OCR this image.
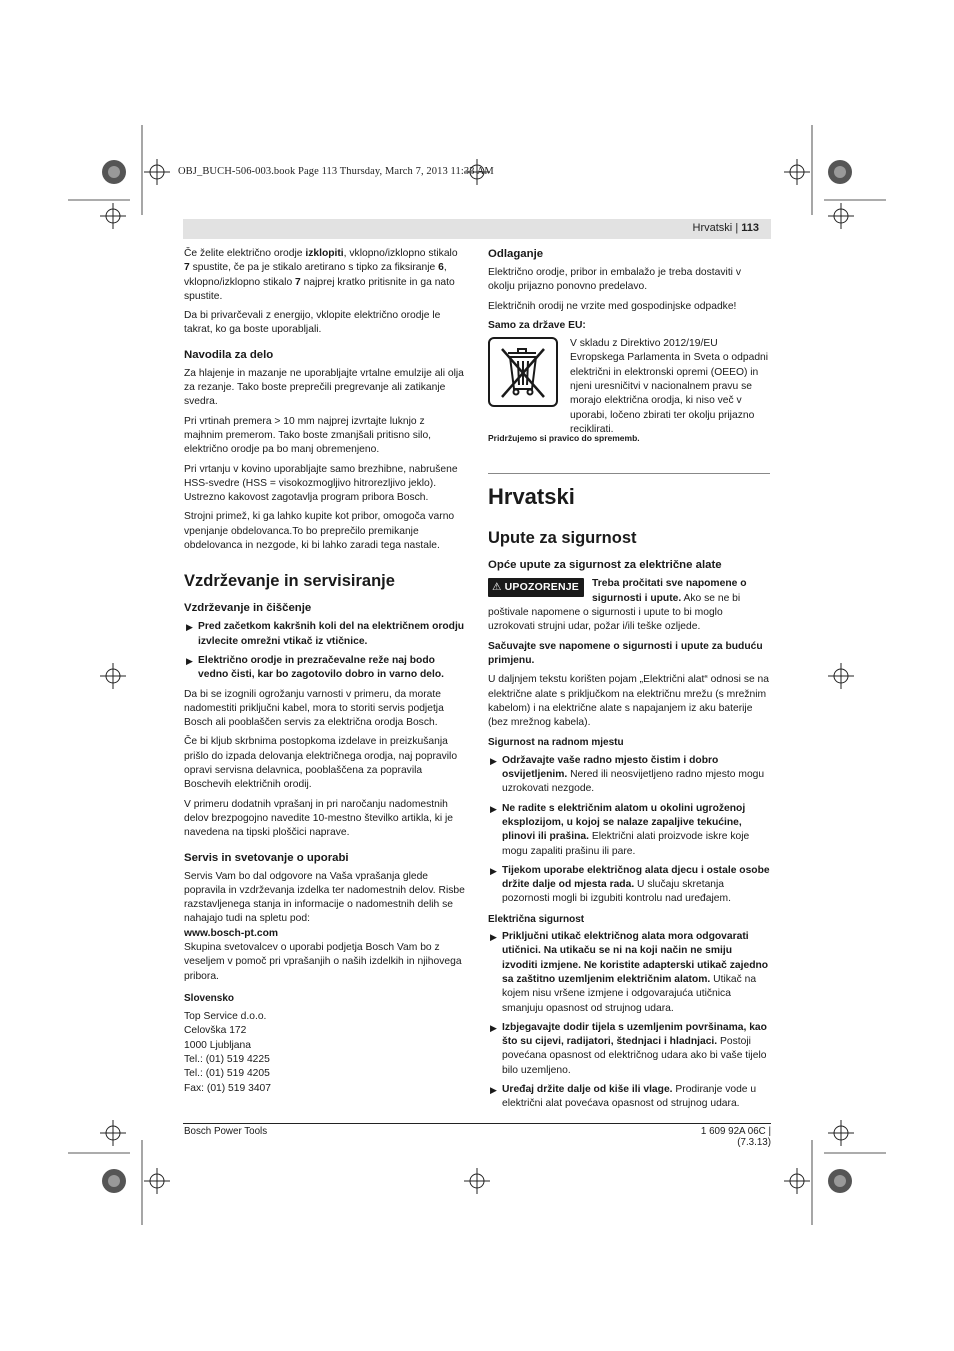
OBJ_BUCH-506-003.book Page 113 Thursday, March 7, 2013 11:33 AM
Hrvatski | 113

Če želite električno orodje izklopiti, vklopno/izklopno stikalo 7 spustite, če pa je stikalo aretirano s tipko za fiksiranje 6, vklopno/izklopno stikalo 7 najprej kratko pritisnite in ga nato spustite.

Da bi privarčevali z energijo, vklopite električno orodje le takrat, ko ga boste uporabljali.

Navodila za delo

Za hlajenje in mazanje ne uporabljajte vrtalne emulzije ali olja za rezanje. Tako boste preprečili pregrevanje ali zatikanje svedra.

Pri vrtinah premera > 10 mm najprej izvrtajte luknjo z majhnim premerom. Tako boste zmanjšali pritisno silo, električno orodje pa bo manj obremenjeno.

Pri vrtanju v kovino uporabljajte samo brezhibne, nabrušene HSS-svedre (HSS = visokozmogljivo hitrorezljivo jeklo). Ustrezno kakovost zagotavlja program pribora Bosch.

Strojni primež, ki ga lahko kupite kot pribor, omogoča varno vpenjanje obdelovanca.To bo preprečilo premikanje obdelovanca in nezgode, ki bi lahko zaradi tega nastale.

Vzdrževanje in servisiranje
Vzdrževanje in čiščenje

▶ Pred začetkom kakršnih koli del na električnem orodju izvlecite omrežni vtikač iz vtičnice.

▶ Električno orodje in prezračevalne reže naj bodo vedno čisti, kar bo zagotovilo dobro in varno delo.

Da bi se izognili ogrožanju varnosti v primeru, da morate nadomestiti priključni kabel, mora to storiti servis podjetja Bosch ali pooblaščen servis za električna orodja Bosch.

Če bi kljub skrbnima postopkoma izdelave in preizkušanja prišlo do izpada delovanja električnega orodja, naj popravilo opravi servisna delavnica, pooblaščena za popravila Boschevih električnih orodij.

V primeru dodatnih vprašanj in pri naročanju nadomestnih delov brezpogojno navedite 10-mestno številko artikla, ki je navedena na tipski ploščici naprave.

Servis in svetovanje o uporabi

Servis Vam bo dal odgovore na Vaša vprašanja glede popravila in vzdrževanja izdelka ter nadomestnih delov. Risbe razstavljenega stanja in informacije o nadomestnih delih se nahajajo tudi na spletu pod:

www.bosch-pt.com

Skupina svetovalcev o uporabi podjetja Bosch Vam bo z veseljem v pomoč pri vprašanjih o naših izdelkih in njihovega pribora.

Slovensko
Top Service d.o.o.
Celovška 172
1000 Ljubljana
Tel.: (01) 519 4225
Tel.: (01) 519 4205
Fax: (01) 519 3407
Odlaganje

Električno orodje, pribor in embalažo je treba dostaviti v okolju prijazno ponovno predelavo.

Električnih orodij ne vrzite med gospodinjske odpadke!

Samo za države EU:
V skladu z Direktivo 2012/19/EU Evropskega Parlamenta in Sveta o odpadni električni in elektronski opremi (OEEO) in njeni uresničitvi v nacionalnem pravu se morajo električna orodja, ki niso več v uporabi, ločeno zbirati ter okolju prijazno reciklirati.
Pridržujemo si pravico do sprememb.
Hrvatski
Upute za sigurnost
Opće upute za sigurnost za električne alate
⚠ UPOZORENJE	Treba pročitati sve napomene o sigurnosti i upute. Ako se ne bi poštivale napomene o sigurnosti i upute to bi moglo uzrokovati strujni udar, požar i/ili teške ozljede.

Sačuvajte sve napomene o sigurnosti i upute za buduću primjenu.

U daljnjem tekstu korišten pojam „Električni alat“ odnosi se na električne alate s priključkom na električnu mrežu (s mrežnim kabelom) i na električne alate s napajanjem iz aku baterije (bez mrežnog kabela).

Sigurnost na radnom mjestu

▶ Održavajte vaše radno mjesto čistim i dobro osvijetljenim. Nered ili neosvijetljeno radno mjesto mogu uzrokovati nezgode.

▶ Ne radite s električnim alatom u okolini ugroženoj eksplozijom, u kojoj se nalaze zapaljive tekućine, plinovi ili prašina. Električni alati proizvode iskre koje mogu zapaliti prašinu ili pare.

▶ Tijekom uporabe električnog alata djecu i ostale osobe držite dalje od mjesta rada. U slučaju skretanja pozornosti mogli bi izgubiti kontrolu nad uređajem.

Električna sigurnost

▶ Priključni utikač električnog alata mora odgovarati utičnici. Na utikaču se ni na koji način ne smiju izvoditi izmjene. Ne koristite adapterski utikač zajedno sa zaštitno uzemljenim električnim alatom. Utikač na kojem nisu vršene izmjene i odgovarajuća utičnica smanjuju opasnost od strujnog udara.

▶ Izbjegavajte dodir tijela s uzemljenim površinama, kao što su cijevi, radijatori, štednjaci i hladnjaci. Postoji povećana opasnost od električnog udara ako bi vaše tijelo bilo uzemljeno.

▶ Uređaj držite dalje od kiše ili vlage. Prodiranje vode u električni alat povećava opasnost od strujnog udara.

Bosch Power Tools	1 609 92A 06C | (7.3.13)
